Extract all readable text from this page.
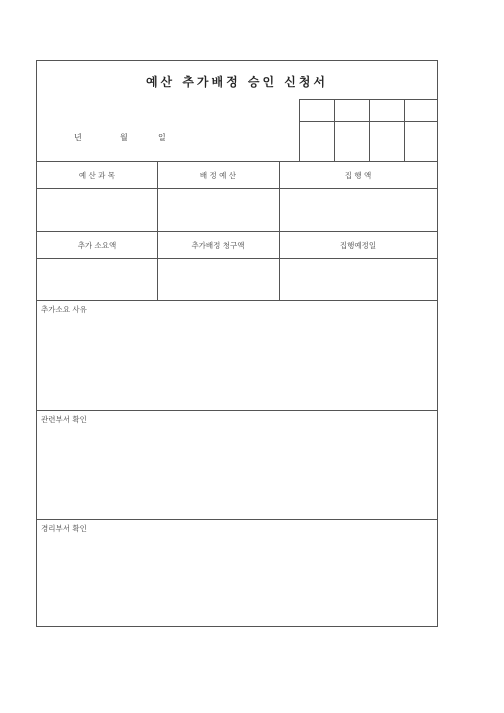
예산 추가배정 승인 신청서
년	월	일
예 산 과 목	배 정 예 산	집 행 액
추가 소요액	추가배정 청구액	집행예정일
추가소요 사유
관련부서 확인
경리부서 확인
